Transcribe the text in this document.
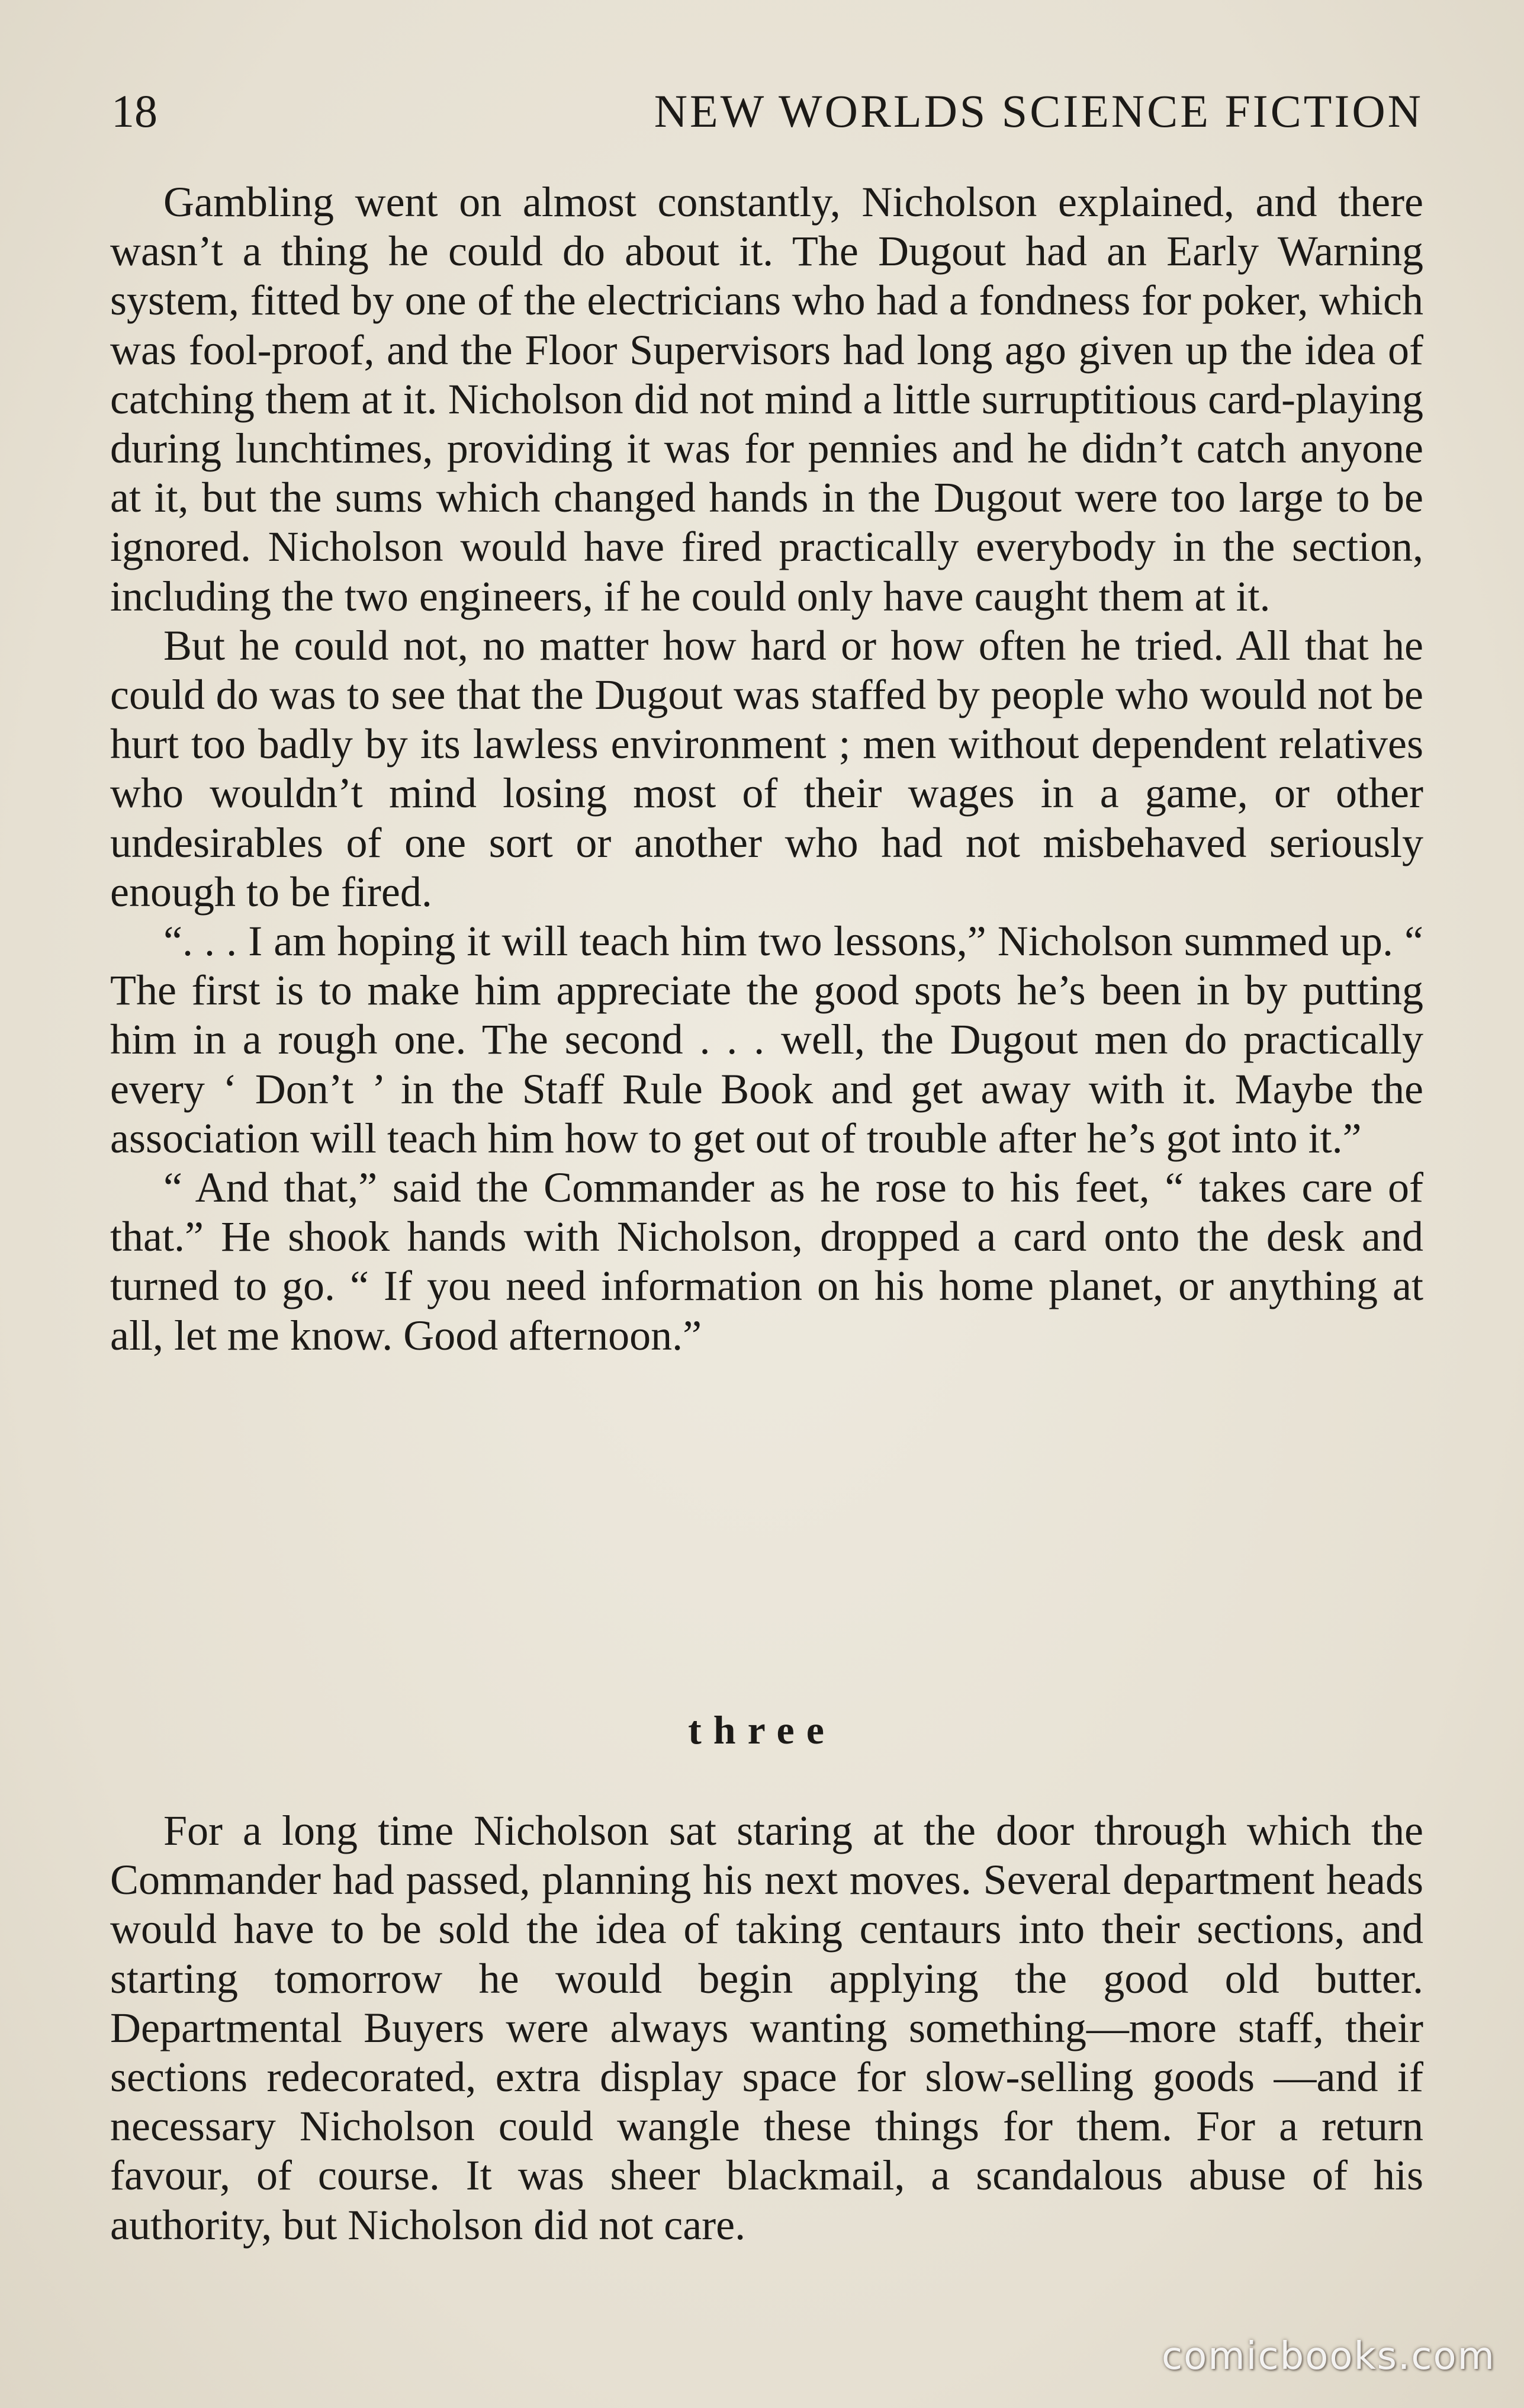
18	NEW WORLDS SCIENCE FICTION

Gambling went on almost constantly, Nicholson explained, and there wasn’t a thing he could do about it. The Dugout had an Early Warning system, fitted by one of the electricians who had a fondness for poker, which was fool-proof, and the Floor Supervisors had long ago given up the idea of catching them at it. Nicholson did not mind a little surruptitious card-playing during lunchtimes, providing it was for pennies and he didn’t catch anyone at it, but the sums which changed hands in the Dugout were too large to be ignored. Nicholson would have fired practically everybody in the section, including the two engineers, if he could only have caught them at it.

But he could not, no matter how hard or how often he tried. All that he could do was to see that the Dugout was staffed by people who would not be hurt too badly by its lawless environment ; men without dependent relatives who wouldn’t mind losing most of their wages in a game, or other undesirables of one sort or another who had not misbehaved seriously enough to be fired.

“. . . I am hoping it will teach him two lessons,” Nicholson summed up. “ The first is to make him appreciate the good spots he’s been in by putting him in a rough one. The second . . . well, the Dugout men do practically every ‘ Don’t ’ in the Staff Rule Book and get away with it. Maybe the association will teach him how to get out of trouble after he’s got into it.”

“ And that,” said the Commander as he rose to his feet, “ takes care of that.” He shook hands with Nicholson, dropped a card onto the desk and turned to go. “ If you need information on his home planet, or anything at all, let me know. Good afternoon.”

three

For a long time Nicholson sat staring at the door through which the Commander had passed, planning his next moves. Several department heads would have to be sold the idea of taking centaurs into their sections, and starting tomorrow he would begin applying the good old butter. Departmental Buyers were always wanting something—more staff, their sections redecorated, extra display space for slow-selling goods —and if necessary Nicholson could wangle these things for them. For a return favour, of course. It was sheer blackmail, a scandalous abuse of his authority, but Nicholson did not care.

comicbooks.com
